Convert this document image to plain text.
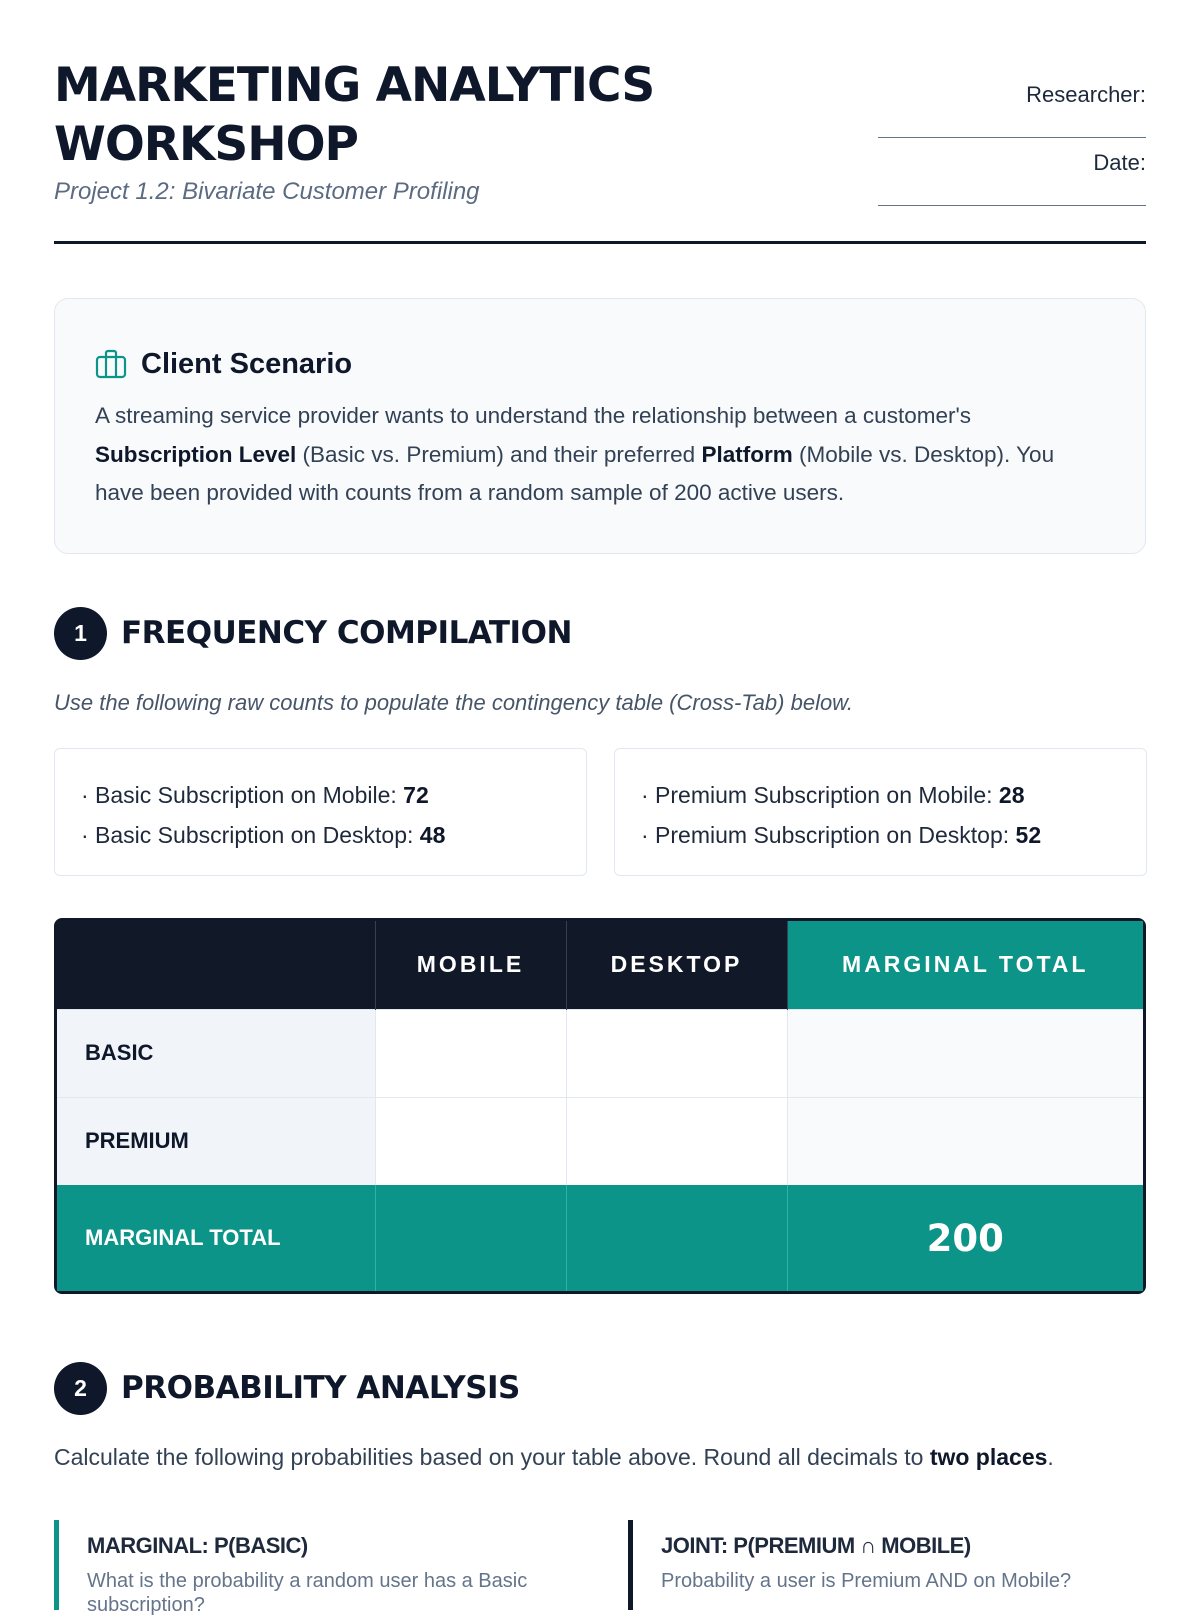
MARKETING ANALYTICS
WORKSHOP
Project 1.2: Bivariate Customer Profiling
Researcher:
Date:
Client Scenario
A streaming service provider wants to understand the relationship between a customer's Subscription Level (Basic vs. Premium) and their preferred Platform (Mobile vs. Desktop). You have been provided with counts from a random sample of 200 active users.
1	FREQUENCY COMPILATION
Use the following raw counts to populate the contingency table (Cross-Tab) below.
· Basic Subscription on Mobile: 72
· Basic Subscription on Desktop: 48
· Premium Subscription on Mobile: 28
· Premium Subscription on Desktop: 52
	MOBILE	DESKTOP	MARGINAL TOTAL
BASIC			
PREMIUM			
MARGINAL TOTAL			200
2	PROBABILITY ANALYSIS
Calculate the following probabilities based on your table above. Round all decimals to two places.
MARGINAL: P(BASIC)
What is the probability a random user has a Basic subscription?
JOINT: P(PREMIUM ∩ MOBILE)
Probability a user is Premium AND on Mobile?
